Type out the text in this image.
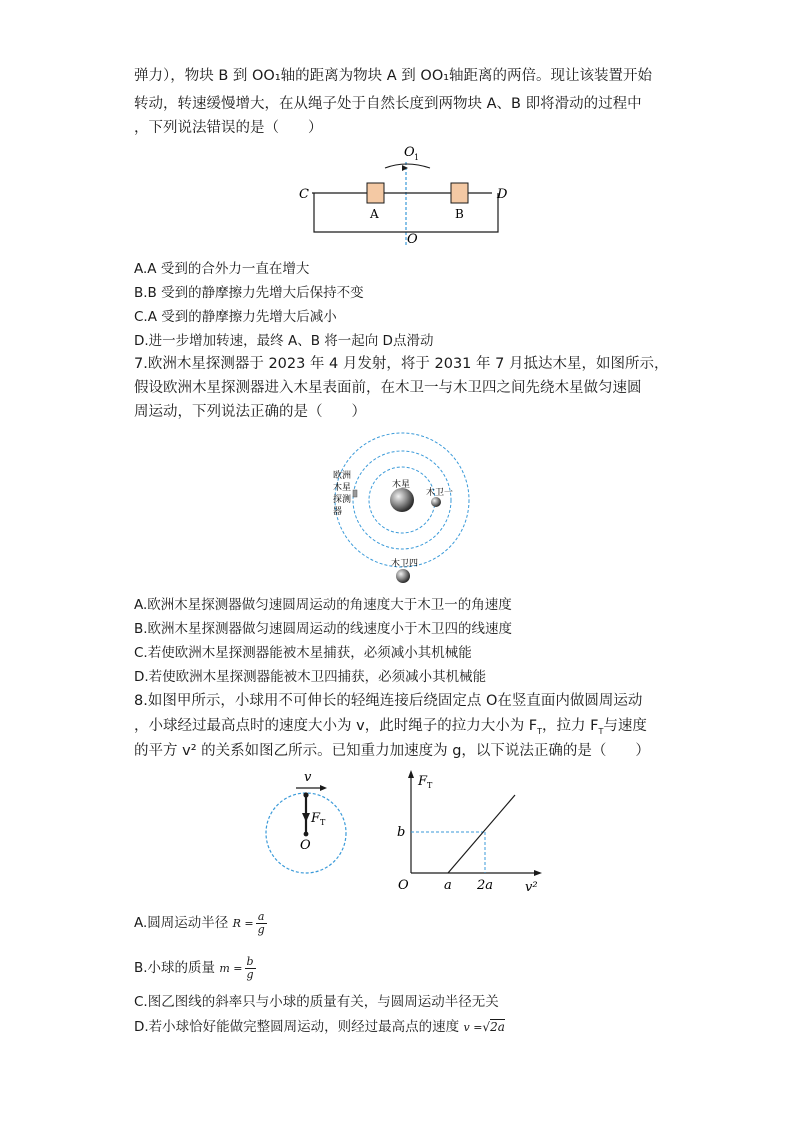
弹力），物块 B 到 OO₁轴的距离为物块 A 到 OO₁轴距离的两倍。现让该装置开始
转动，转速缓慢增大，在从绳子处于自然长度到两物块 A、B 即将滑动的过程中
，下列说法错误的是（　　）
O 1
C	D
A	B
O
A.A 受到的合外力一直在增大
B.B 受到的静摩擦力先增大后保持不变
C.A 受到的静摩擦力先增大后减小
D.进一步增加转速，最终 A、B 将一起向 D点滑动
7.欧洲木星探测器于 2023 年 4 月发射，将于 2031 年 7 月抵达木星，如图所示，
假设欧洲木星探测器进入木星表面前，在木卫一与木卫四之间先绕木星做匀速圆
周运动，下列说法正确的是（　　）
木星
木卫一
木卫四
欧洲
木星
探测
器
A.欧洲木星探测器做匀速圆周运动的角速度大于木卫一的角速度
B.欧洲木星探测器做匀速圆周运动的线速度小于木卫四的线速度
C.若使欧洲木星探测器能被木星捕获，必须减小其机械能
D.若使欧洲木星探测器能被木卫四捕获，必须减小其机械能
8.如图甲所示，小球用不可伸长的轻绳连接后绕固定点 O在竖直面内做圆周运动
，小球经过最高点时的速度大小为 v，此时绳子的拉力大小为 $F_T$，拉力 $F_T$与速度
的平方 v² 的关系如图乙所示。已知重力加速度为 g，以下说法正确的是（　　）
v
F T
O
F T
b
O	a 2a v²
A.圆周运动半径 $R = \frac{a}{g}$
B.小球的质量 $m = \frac{b}{g}$
C.图乙图线的斜率只与小球的质量有关，与圆周运动半径无关
D.若小球恰好能做完整圆周运动，则经过最高点的速度 v =√2a
